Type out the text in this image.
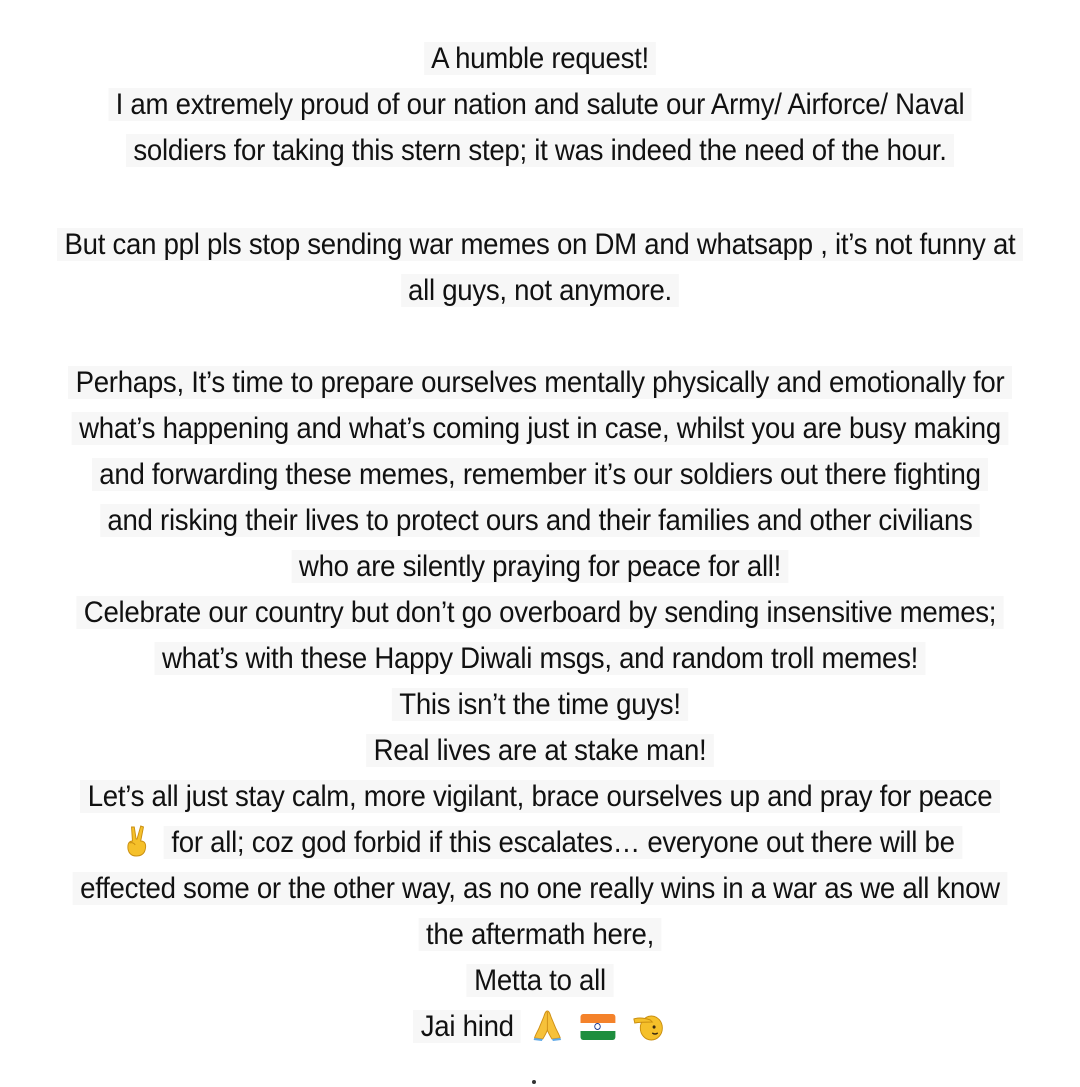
A humble request!
I am extremely proud of our nation and salute our Army/ Airforce/ Naval
soldiers for taking this stern step; it was indeed the need of the hour.
But can ppl pls stop sending war memes on DM and whatsapp , it’s not funny at
all guys, not anymore.
Perhaps, It’s time to prepare ourselves mentally physically and emotionally for
what’s happening and what’s coming just in case, whilst you are busy making
and forwarding these memes, remember it’s our soldiers out there fighting
and risking their lives to protect ours and their families and other civilians
who are silently praying for peace for all!
Celebrate our country but don’t go overboard by sending insensitive memes;
what’s with these Happy Diwali msgs, and random troll memes!
This isn’t the time guys!
Real lives are at stake man!
Let’s all just stay calm, more vigilant, brace ourselves up and pray for peace
for all; coz god forbid if this escalates… everyone out there will be
effected some or the other way, as no one really wins in a war as we all know
the aftermath here,
Metta to all
Jai hind
